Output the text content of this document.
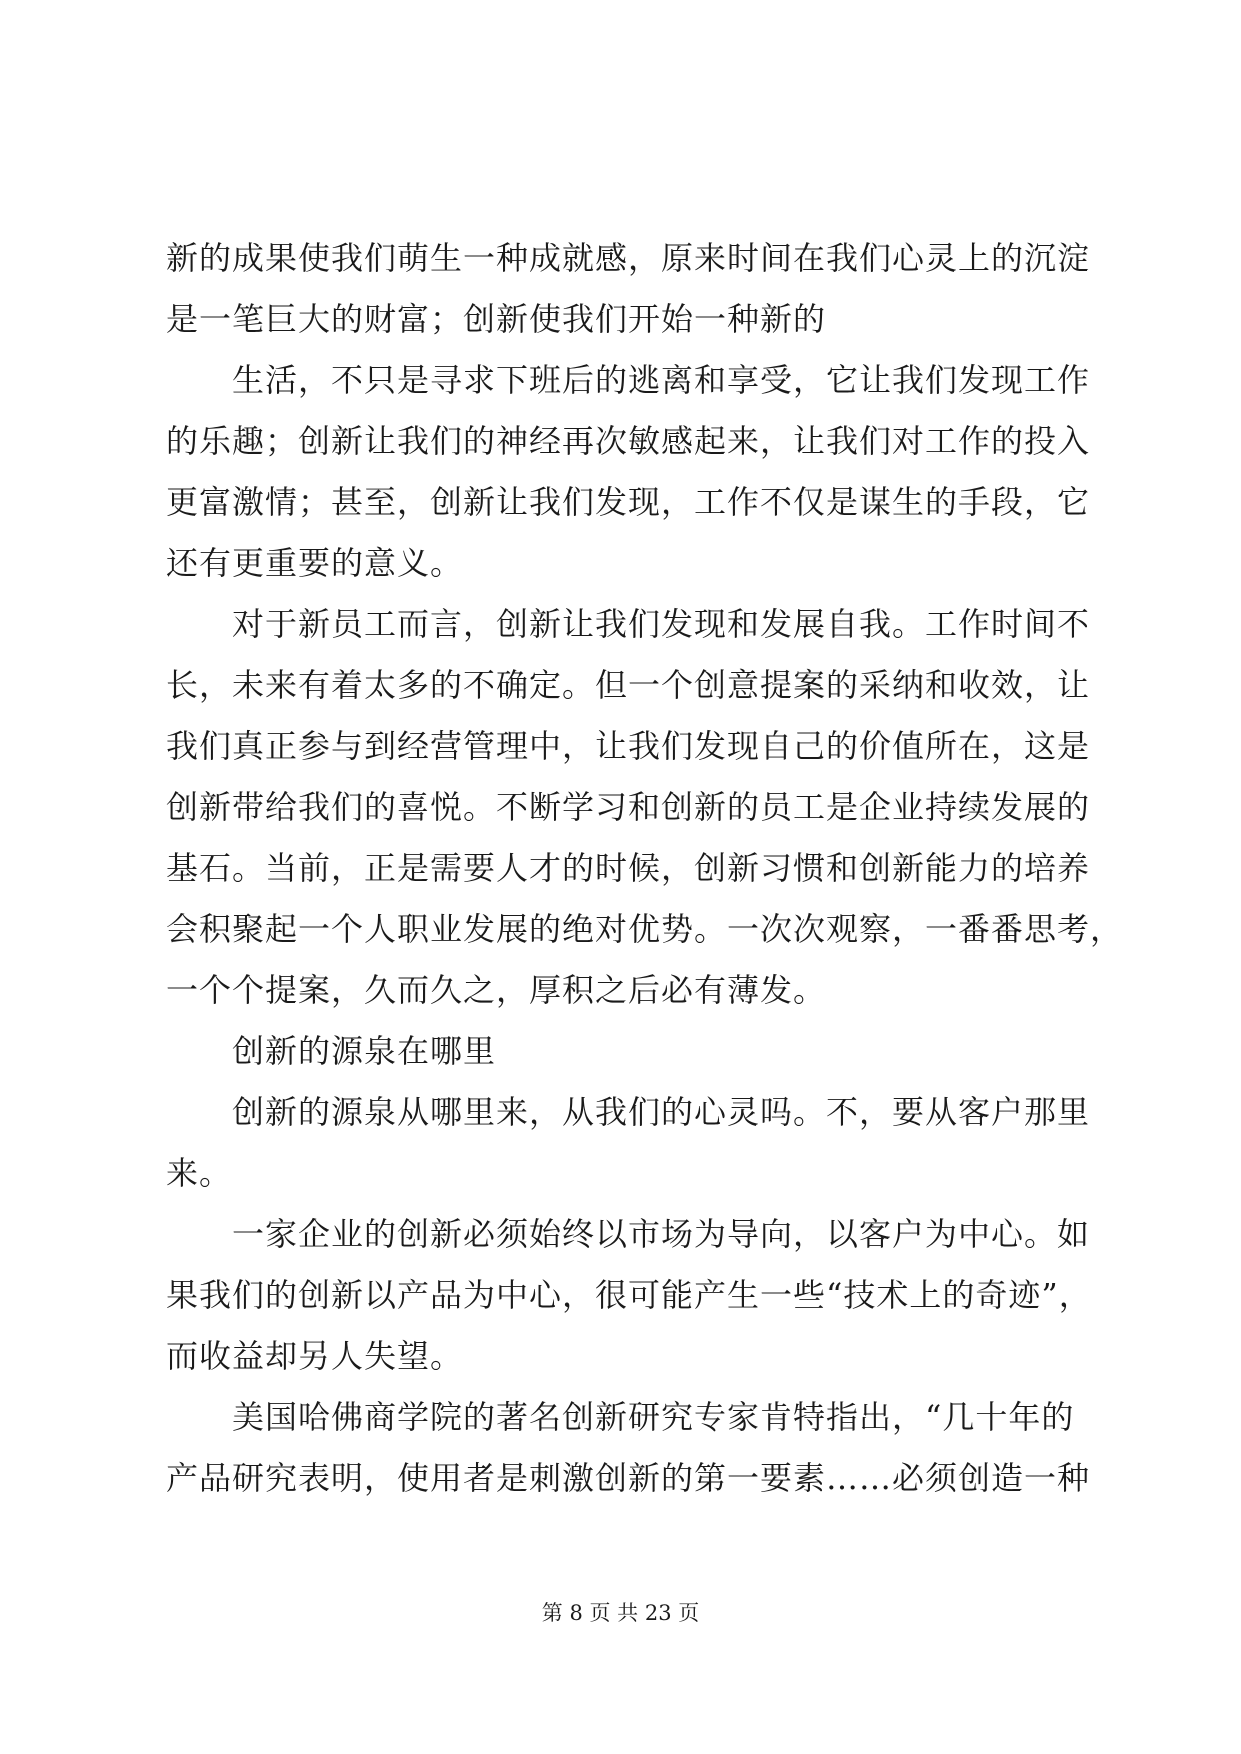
新的成果使我们萌生一种成就感，原来时间在我们心灵上的沉淀
是一笔巨大的财富；创新使我们开始一种新的
生活，不只是寻求下班后的逃离和享受，它让我们发现工作
的乐趣；创新让我们的神经再次敏感起来，让我们对工作的投入
更富激情；甚至，创新让我们发现，工作不仅是谋生的手段，它
还有更重要的意义。
对于新员工而言，创新让我们发现和发展自我。工作时间不
长，未来有着太多的不确定。但一个创意提案的采纳和收效，让
我们真正参与到经营管理中，让我们发现自己的价值所在，这是
创新带给我们的喜悦。不断学习和创新的员工是企业持续发展的
基石。当前，正是需要人才的时候，创新习惯和创新能力的培养
会积聚起一个人职业发展的绝对优势。一次次观察，一番番思考，
一个个提案，久而久之，厚积之后必有薄发。
创新的源泉在哪里
创新的源泉从哪里来，从我们的心灵吗。不，要从客户那里
来。
一家企业的创新必须始终以市场为导向，以客户为中心。如
果我们的创新以产品为中心，很可能产生一些“技术上的奇迹”，
而收益却另人失望。
美国哈佛商学院的著名创新研究专家肯特指出，“几十年的
产品研究表明，使用者是刺激创新的第一要素……必须创造一种
第 8 页 共 23 页
